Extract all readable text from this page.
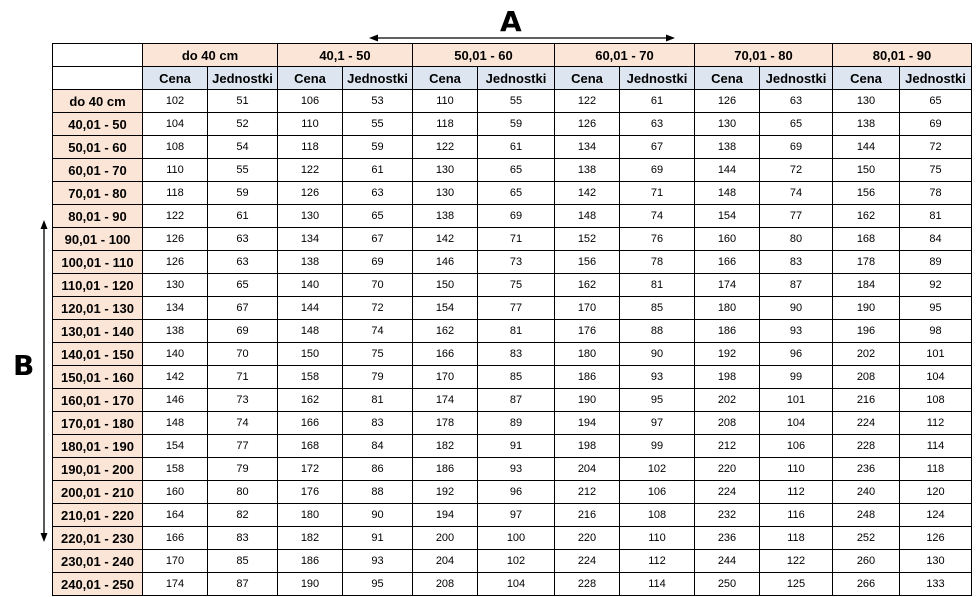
A
B
	do 40 cm		40,1 - 50		50,01 - 60		60,01 - 70		70,01 - 80		80,01 - 90	
	Cena	Jednostki	Cena	Jednostki	Cena	Jednostki	Cena	Jednostki	Cena	Jednostki	Cena	Jednostki
do 40 cm	102	51	106	53	110	55	122	61	126	63	130	65
40,01 - 50	104	52	110	55	118	59	126	63	130	65	138	69
50,01 - 60	108	54	118	59	122	61	134	67	138	69	144	72
60,01 - 70	110	55	122	61	130	65	138	69	144	72	150	75
70,01 - 80	118	59	126	63	130	65	142	71	148	74	156	78
80,01 - 90	122	61	130	65	138	69	148	74	154	77	162	81
90,01 - 100	126	63	134	67	142	71	152	76	160	80	168	84
100,01 - 110	126	63	138	69	146	73	156	78	166	83	178	89
110,01 - 120	130	65	140	70	150	75	162	81	174	87	184	92
120,01 - 130	134	67	144	72	154	77	170	85	180	90	190	95
130,01 - 140	138	69	148	74	162	81	176	88	186	93	196	98
140,01 - 150	140	70	150	75	166	83	180	90	192	96	202	101
150,01 - 160	142	71	158	79	170	85	186	93	198	99	208	104
160,01 - 170	146	73	162	81	174	87	190	95	202	101	216	108
170,01 - 180	148	74	166	83	178	89	194	97	208	104	224	112
180,01 - 190	154	77	168	84	182	91	198	99	212	106	228	114
190,01 - 200	158	79	172	86	186	93	204	102	220	110	236	118
200,01 - 210	160	80	176	88	192	96	212	106	224	112	240	120
210,01 - 220	164	82	180	90	194	97	216	108	232	116	248	124
220,01 - 230	166	83	182	91	200	100	220	110	236	118	252	126
230,01 - 240	170	85	186	93	204	102	224	112	244	122	260	130
240,01 - 250	174	87	190	95	208	104	228	114	250	125	266	133
